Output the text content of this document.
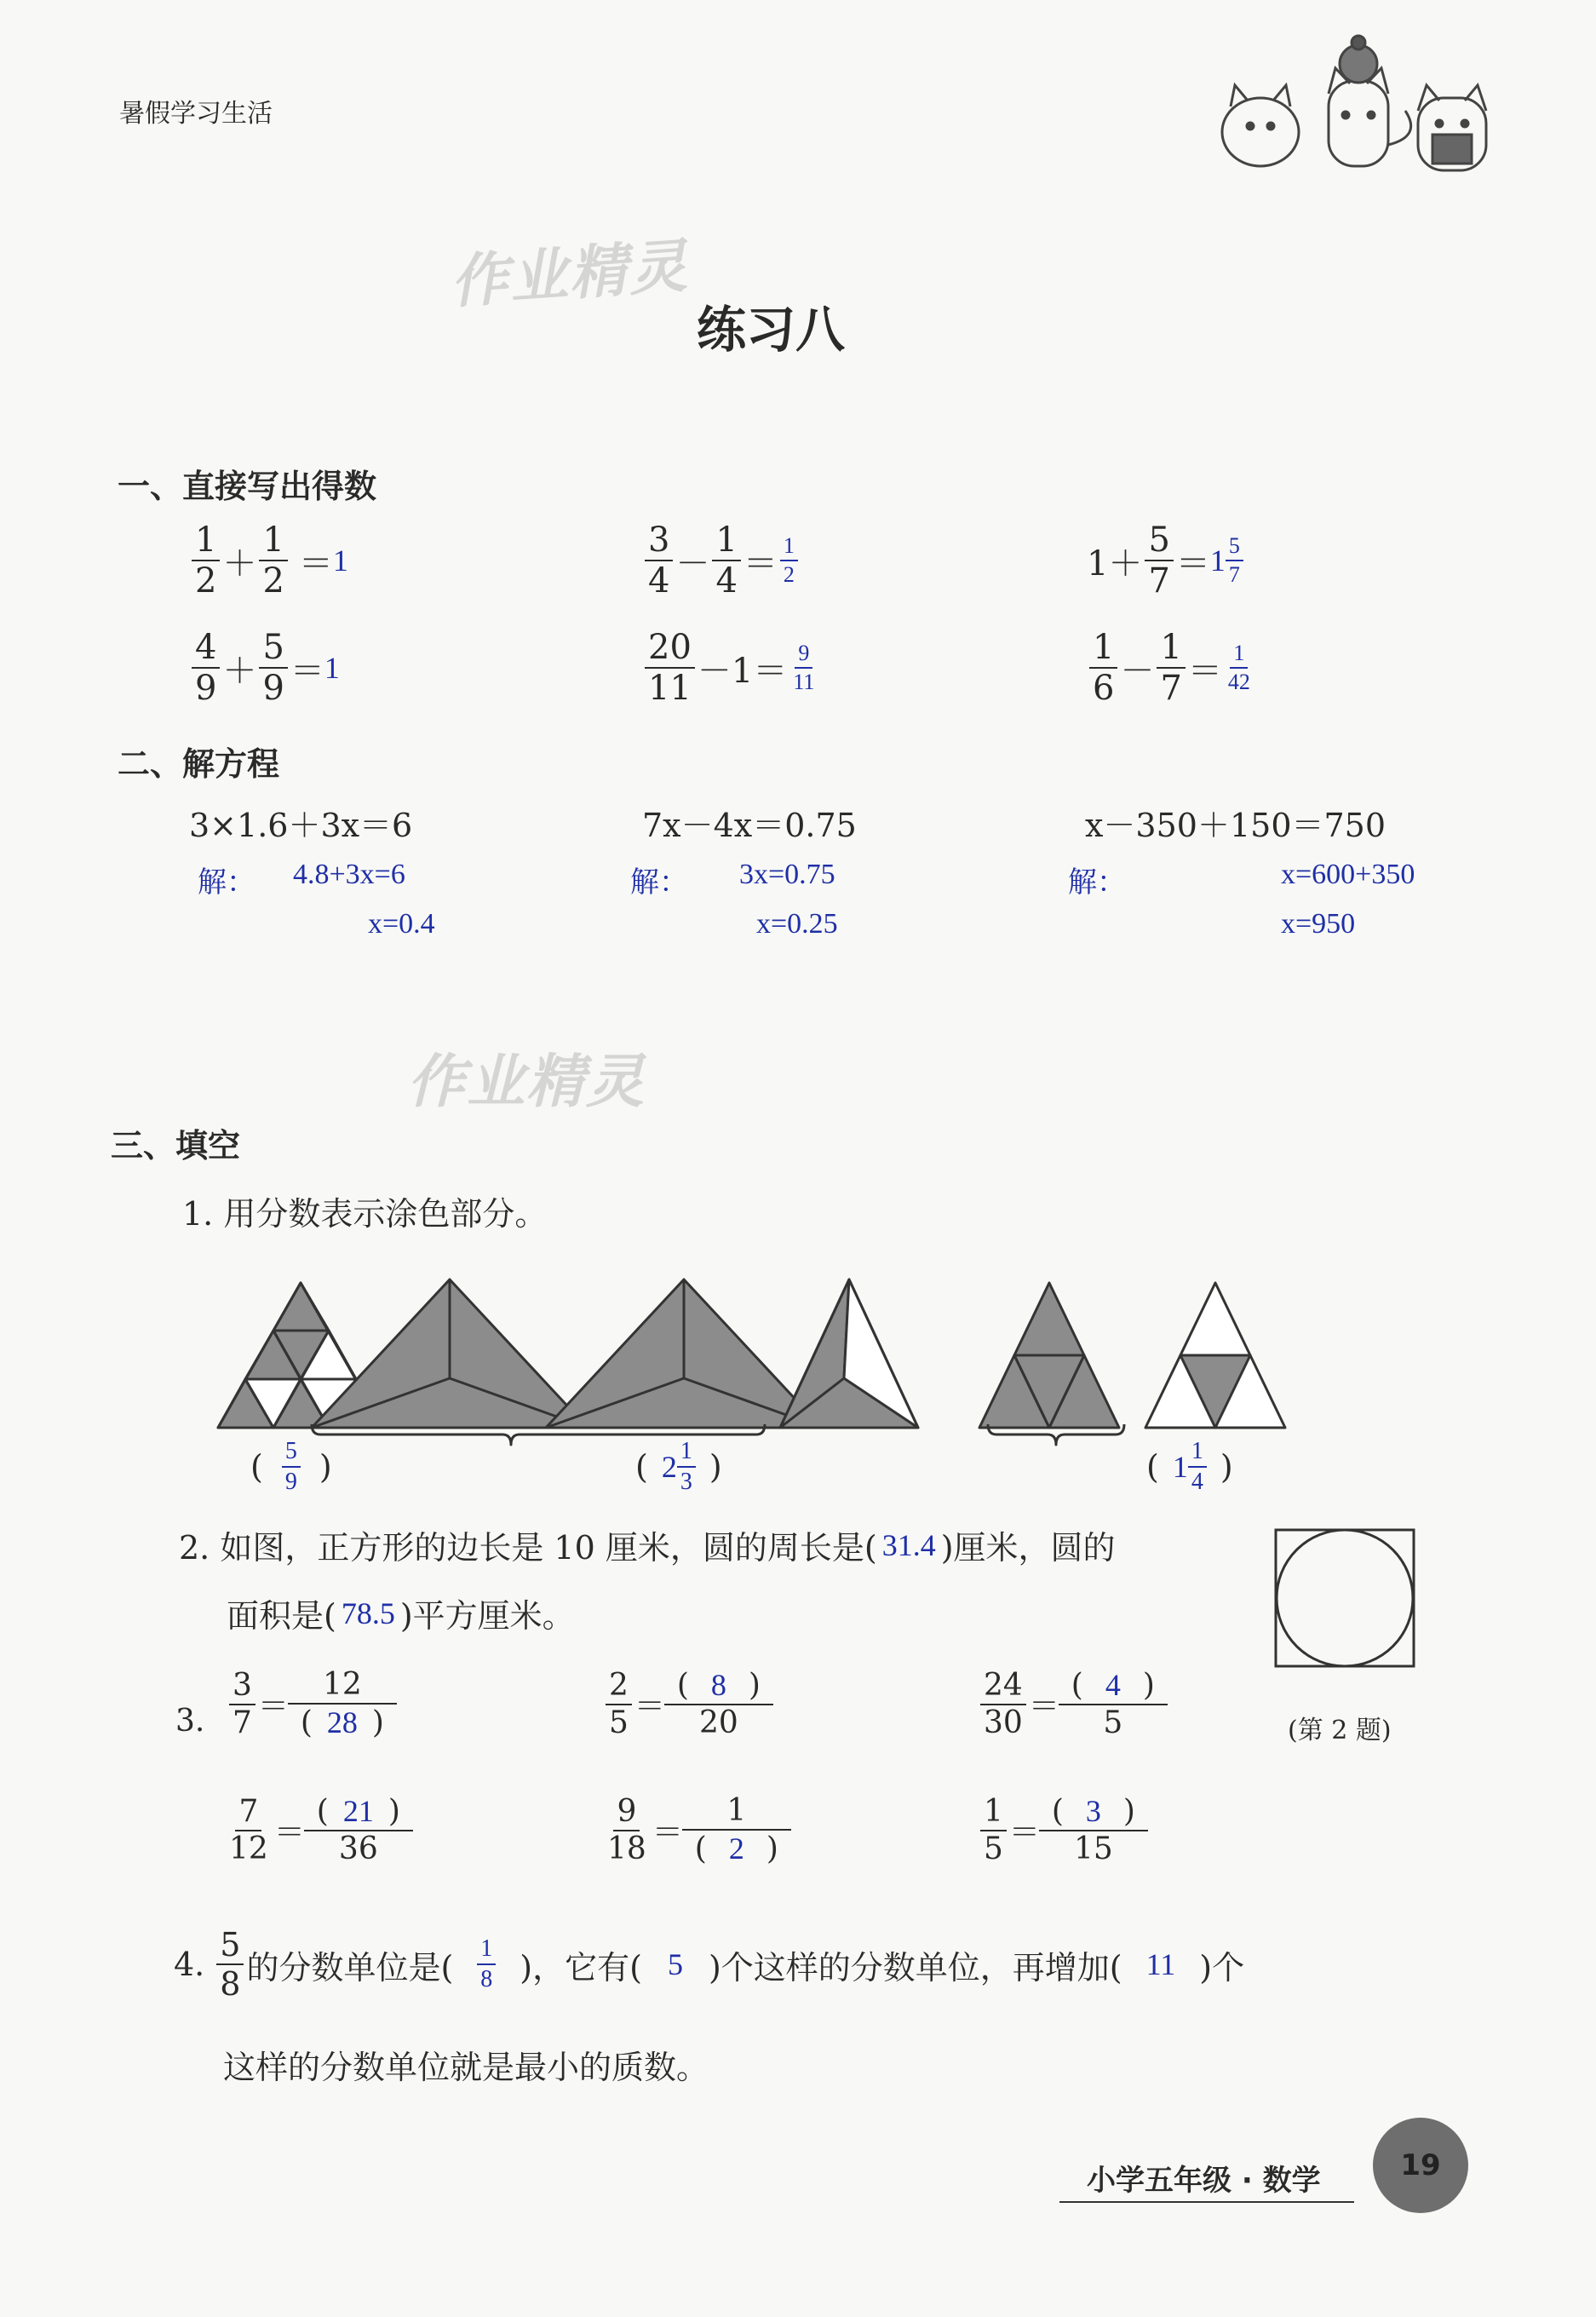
暑假学习生活
作业精灵
作业精灵
练习八
一、直接写出得数
$\frac{1}{2} + \frac{1}{2} = 1$	$\frac{3}{4} - \frac{1}{4} = \frac{1}{2}$	$1+ \frac{5}{7} = 1 \frac{5}{7}$
$\frac{4}{9} + \frac{5}{9} = 1$	$\frac{20}{11} -1= \frac{9}{11}$	$\frac{1}{6} - \frac{1}{7} = \frac{1}{42}$
二、解方程
3×1.6＋3x＝6
解： 4.8+3x=6
x=0.4
7x－4x＝0.75
解： 3x=0.75
x=0.25
x－350＋150＝750
解：	x=600+350
x=950
三、填空
1. 用分数表示涂色部分。
( $\frac{5}{9}$ )	( $2 \frac{1}{3}$ )	( $1 \frac{1}{4}$ )
2. 如图，正方形的边长是 10 厘米，圆的周长是( 31.4 )厘米，圆的
面积是( 78.5 )平方厘米。
(第 2 题)
3. $\frac{3}{7} = \frac{12}{( 28 )}$	$\frac{2}{5} = \frac{( 8 )}{20}$	$\frac{24}{30} = \frac{( 4 )}{5}$
$\frac{7}{12} = \frac{( 21 )}{36}$	$\frac{9}{18} = \frac{1}{( 2 )}$	$\frac{1}{5} = \frac{( 3 )}{15}$
4. $\frac{5}{8}$ 的分数单位是( $\frac{1}{8}$ )，它有( 5 )个这样的分数单位，再增加( 11 )个
这样的分数单位就是最小的质数。
小学五年级 · 数学	19
